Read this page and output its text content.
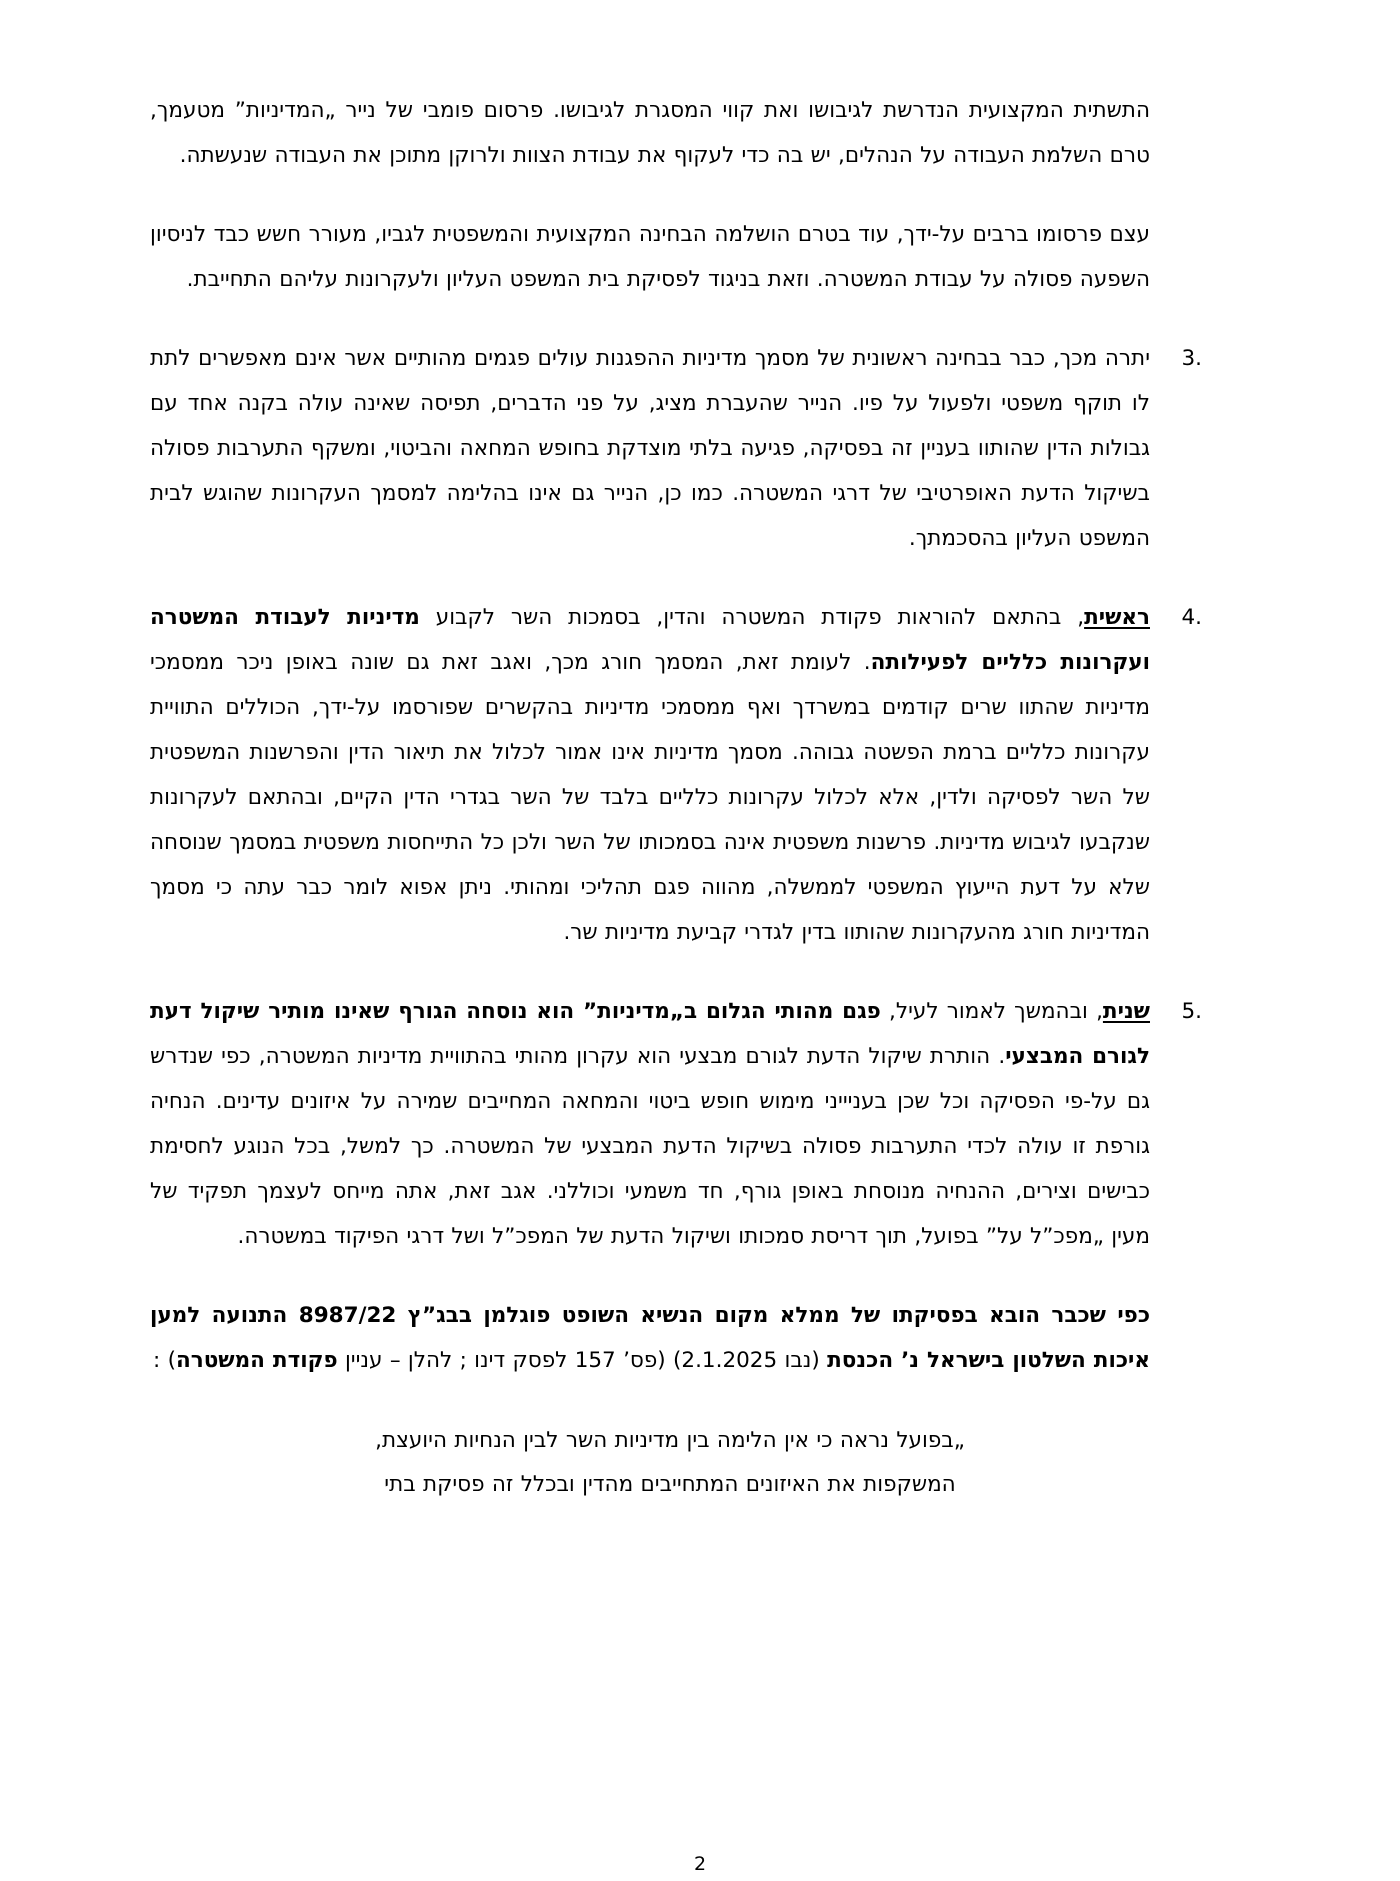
התשתית המקצועית הנדרשת לגיבושו ואת קווי המסגרת לגיבושו. פרסום פומבי של נייר „המדיניות” מטעמך, טרם השלמת העבודה על הנהלים, יש בה כדי לעקוף את עבודת הצוות ולרוקן מתוכן את העבודה שנעשתה.

עצם פרסומו ברבים על-ידך, עוד בטרם הושלמה הבחינה המקצועית והמשפטית לגביו, מעורר חשש כבד לניסיון השפעה פסולה על עבודת המשטרה. וזאת בניגוד לפסיקת בית המשפט העליון ולעקרונות עליהם התחייבת.

3.
יתרה מכך, כבר בבחינה ראשונית של מסמך מדיניות ההפגנות עולים פגמים מהותיים אשר אינם מאפשרים לתת לו תוקף משפטי ולפעול על פיו. הנייר שהעברת מציג, על פני הדברים, תפיסה שאינה עולה בקנה אחד עם גבולות הדין שהותוו בעניין זה בפסיקה, פגיעה בלתי מוצדקת בחופש המחאה והביטוי, ומשקף התערבות פסולה בשיקול הדעת האופרטיבי של דרגי המשטרה. כמו כן, הנייר גם אינו בהלימה למסמך העקרונות שהוגש לבית המשפט העליון בהסכמתך.
4.
ראשית, בהתאם להוראות פקודת המשטרה והדין, בסמכות השר לקבוע מדיניות לעבודת המשטרה ועקרונות כלליים לפעילותה. לעומת זאת, המסמך חורג מכך, ואגב זאת גם שונה באופן ניכר ממסמכי מדיניות שהתוו שרים קודמים במשרדך ואף ממסמכי מדיניות בהקשרים שפורסמו על-ידך, הכוללים התוויית עקרונות כלליים ברמת הפשטה גבוהה. מסמך מדיניות אינו אמור לכלול את תיאור הדין והפרשנות המשפטית של השר לפסיקה ולדין, אלא לכלול עקרונות כלליים בלבד של השר בגדרי הדין הקיים, ובהתאם לעקרונות שנקבעו לגיבוש מדיניות. פרשנות משפטית אינה בסמכותו של השר ולכן כל התייחסות משפטית במסמך שנוסחה שלא על דעת הייעוץ המשפטי לממשלה, מהווה פגם תהליכי ומהותי. ניתן אפוא לומר כבר עתה כי מסמך המדיניות חורג מהעקרונות שהותוו בדין לגדרי קביעת מדיניות שר.
5.
שנית, ובהמשך לאמור לעיל, פגם מהותי הגלום ב„מדיניות” הוא נוסחה הגורף שאינו מותיר שיקול דעת לגורם המבצעי. הותרת שיקול הדעת לגורם מבצעי הוא עקרון מהותי בהתוויית מדיניות המשטרה, כפי שנדרש גם על-פי הפסיקה וכל שכן בעניייני מימוש חופש ביטוי והמחאה המחייבים שמירה על איזונים עדינים. הנחיה גורפת זו עולה לכדי התערבות פסולה בשיקול הדעת המבצעי של המשטרה. כך למשל, בכל הנוגע לחסימת כבישים וצירים, ההנחיה מנוסחת באופן גורף, חד משמעי וכוללני. אגב זאת, אתה מייחס לעצמך תפקיד של מעין „מפכ”ל על” בפועל, תוך דריסת סמכותו ושיקול הדעת של המפכ”ל ושל דרגי הפיקוד במשטרה.

כפי שכבר הובא בפסיקתו של ממלא מקום הנשיא השופט פוגלמן בבג”ץ 8987/22 התנועה למען איכות השלטון בישראל נ’ הכנסת (נבו 2.1.2025) (פס’ 157 לפסק דינו ; להלן – עניין פקודת המשטרה) :

„בפועל נראה כי אין הלימה בין מדיניות השר לבין הנחיות היועצת,
המשקפות את האיזונים המתחייבים מהדין ובכלל זה פסיקת בתי
2
